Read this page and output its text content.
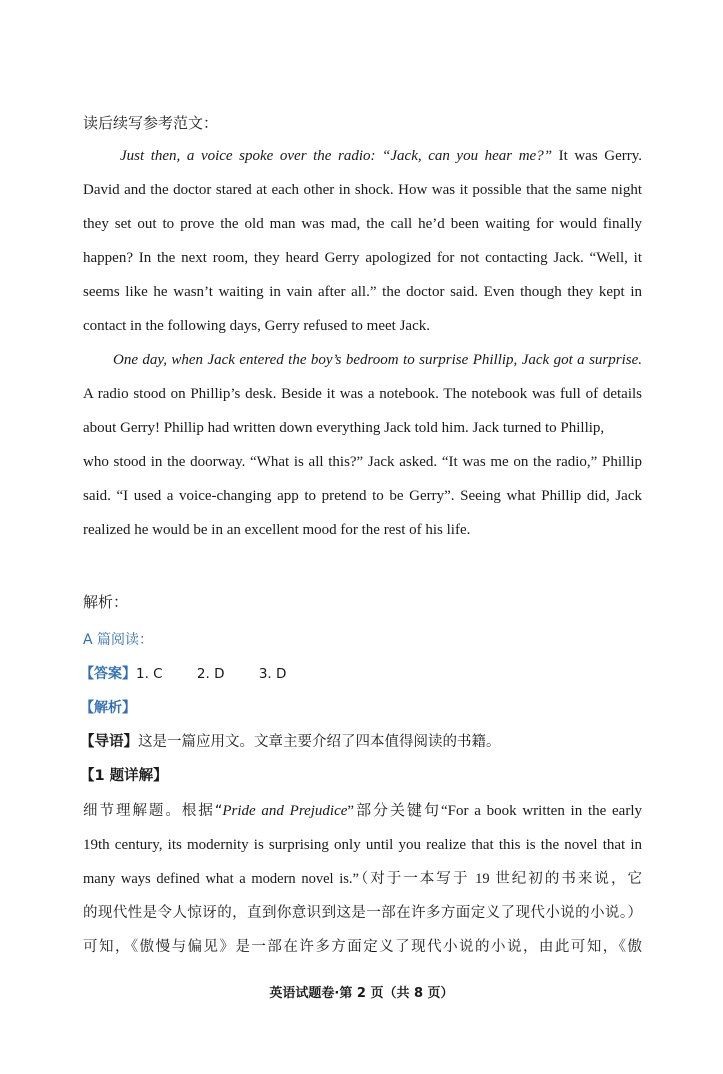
读后续写参考范文：
Just then, a voice spoke over the radio: “Jack, can you hear me?” It was Gerry.
David and the doctor stared at each other in shock. How was it possible that the same night
they set out to prove the old man was mad, the call he’d been waiting for would finally
happen? In the next room, they heard Gerry apologized for not contacting Jack. “Well, it
seems like he wasn’t waiting in vain after all.” the doctor said. Even though they kept in
contact in the following days, Gerry refused to meet Jack.
One day, when Jack entered the boy’s bedroom to surprise Phillip, Jack got a surprise.
A radio stood on Phillip’s desk. Beside it was a notebook. The notebook was full of details
about Gerry! Phillip had written down everything Jack told him. Jack turned to Phillip,
who stood in the doorway. “What is all this?” Jack asked. “It was me on the radio,” Phillip
said. “I used a voice-changing app to pretend to be Gerry”. Seeing what Phillip did, Jack
realized he would be in an excellent mood for the rest of his life.
解析：
A 篇阅读：
【答案】1. C        2. D        3. D
【解析】
【导语】这是一篇应用文。文章主要介绍了四本值得阅读的书籍。
【1 题详解】
细节理解题。根据“Pride and Prejudice”部分关键句“For a book written in the early
19th century, its modernity is surprising only until you realize that this is the novel that in
many ways defined what a modern novel is.”（对于一本写于 19 世纪初的书来说，它
的现代性是令人惊讶的，直到你意识到这是一部在许多方面定义了现代小说的小说。）
可知，《傲慢与偏见》是一部在许多方面定义了现代小说的小说，由此可知，《傲
英语试题卷·第 2 页（共 8 页）
